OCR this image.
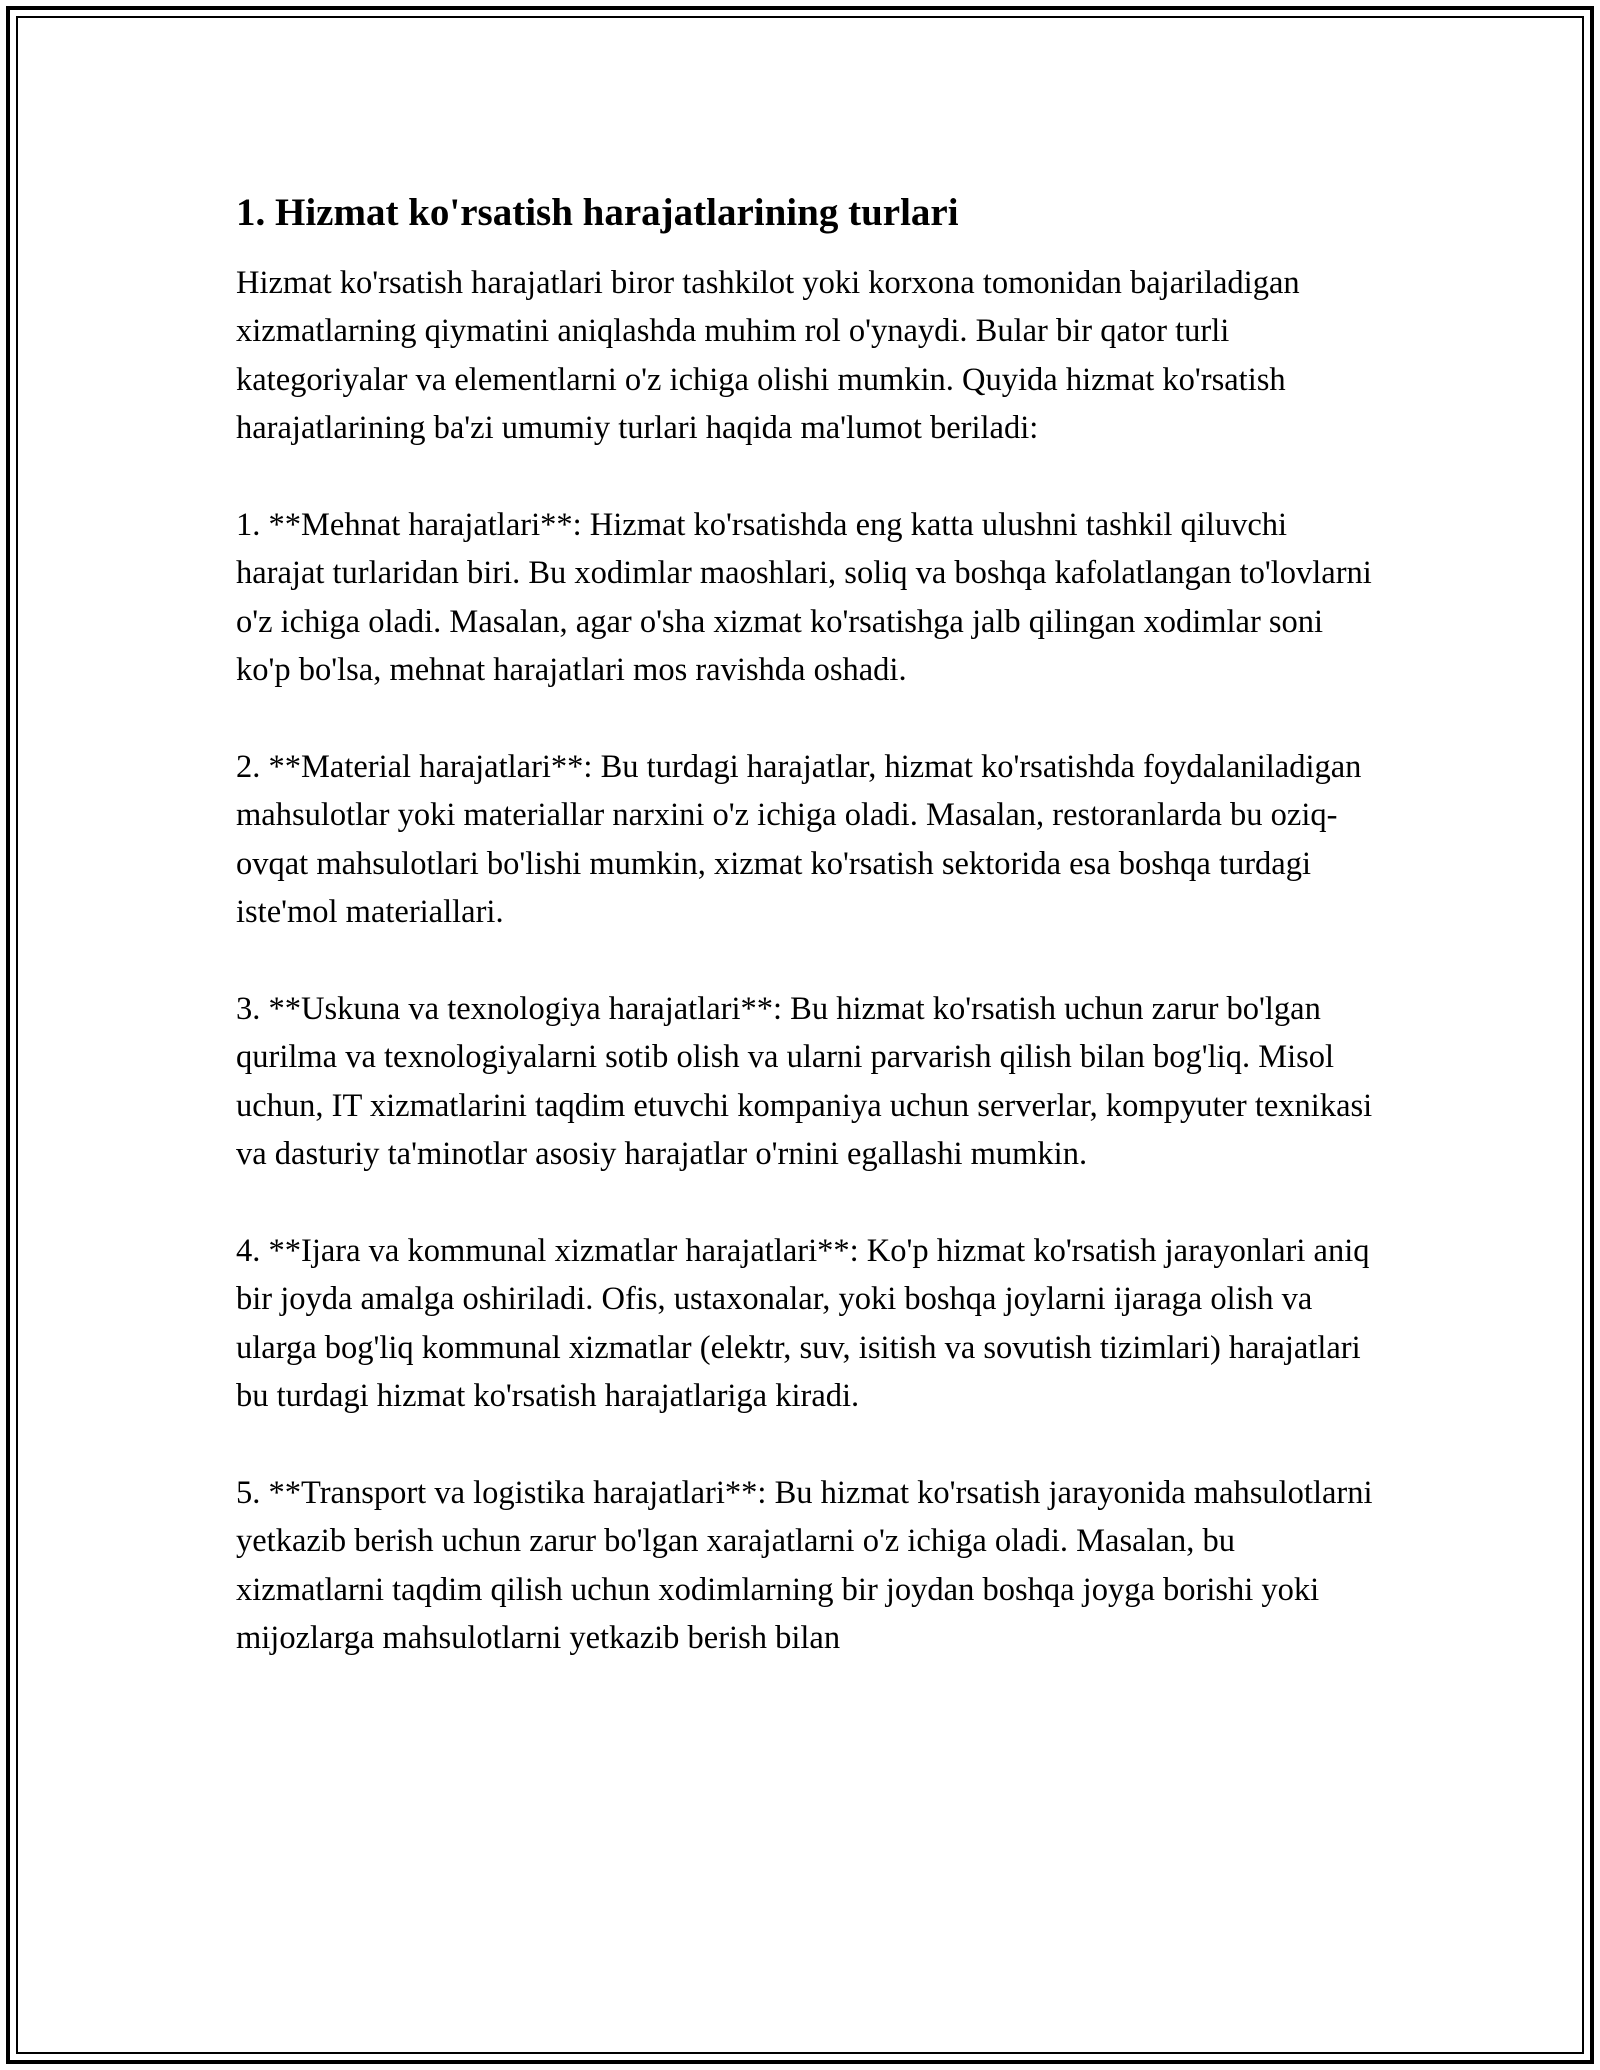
1. Hizmat ko'rsatish harajatlarining turlari

Hizmat ko'rsatish harajatlari biror tashkilot yoki korxona tomonidan bajariladigan xizmatlarning qiymatini aniqlashda muhim rol o'ynaydi. Bular bir qator turli kategoriyalar va elementlarni o'z ichiga olishi mumkin. Quyida hizmat ko'rsatish harajatlarining ba'zi umumiy turlari haqida ma'lumot beriladi:

1. **Mehnat harajatlari**: Hizmat ko'rsatishda eng katta ulushni tashkil qiluvchi harajat turlaridan biri. Bu xodimlar maoshlari, soliq va boshqa kafolatlangan to'lovlarni o'z ichiga oladi. Masalan, agar o'sha xizmat ko'rsatishga jalb qilingan xodimlar soni ko'p bo'lsa, mehnat harajatlari mos ravishda oshadi.

2. **Material harajatlari**: Bu turdagi harajatlar, hizmat ko'rsatishda foydalaniladigan mahsulotlar yoki materiallar narxini o'z ichiga oladi. Masalan, restoranlarda bu oziq-ovqat mahsulotlari bo'lishi mumkin, xizmat ko'rsatish sektorida esa boshqa turdagi iste'mol materiallari.

3. **Uskuna va texnologiya harajatlari**: Bu hizmat ko'rsatish uchun zarur bo'lgan qurilma va texnologiyalarni sotib olish va ularni parvarish qilish bilan bog'liq. Misol uchun, IT xizmatlarini taqdim etuvchi kompaniya uchun serverlar, kompyuter texnikasi va dasturiy ta'minotlar asosiy harajatlar o'rnini egallashi mumkin.

4. **Ijara va kommunal xizmatlar harajatlari**: Ko'p hizmat ko'rsatish jarayonlari aniq bir joyda amalga oshiriladi. Ofis, ustaxonalar, yoki boshqa joylarni ijaraga olish va ularga bog'liq kommunal xizmatlar (elektr, suv, isitish va sovutish tizimlari) harajatlari bu turdagi hizmat ko'rsatish harajatlariga kiradi.

5. **Transport va logistika harajatlari**: Bu hizmat ko'rsatish jarayonida mahsulotlarni yetkazib berish uchun zarur bo'lgan xarajatlarni o'z ichiga oladi. Masalan, bu xizmatlarni taqdim qilish uchun xodimlarning bir joydan boshqa joyga borishi yoki mijozlarga mahsulotlarni yetkazib berish bilan
